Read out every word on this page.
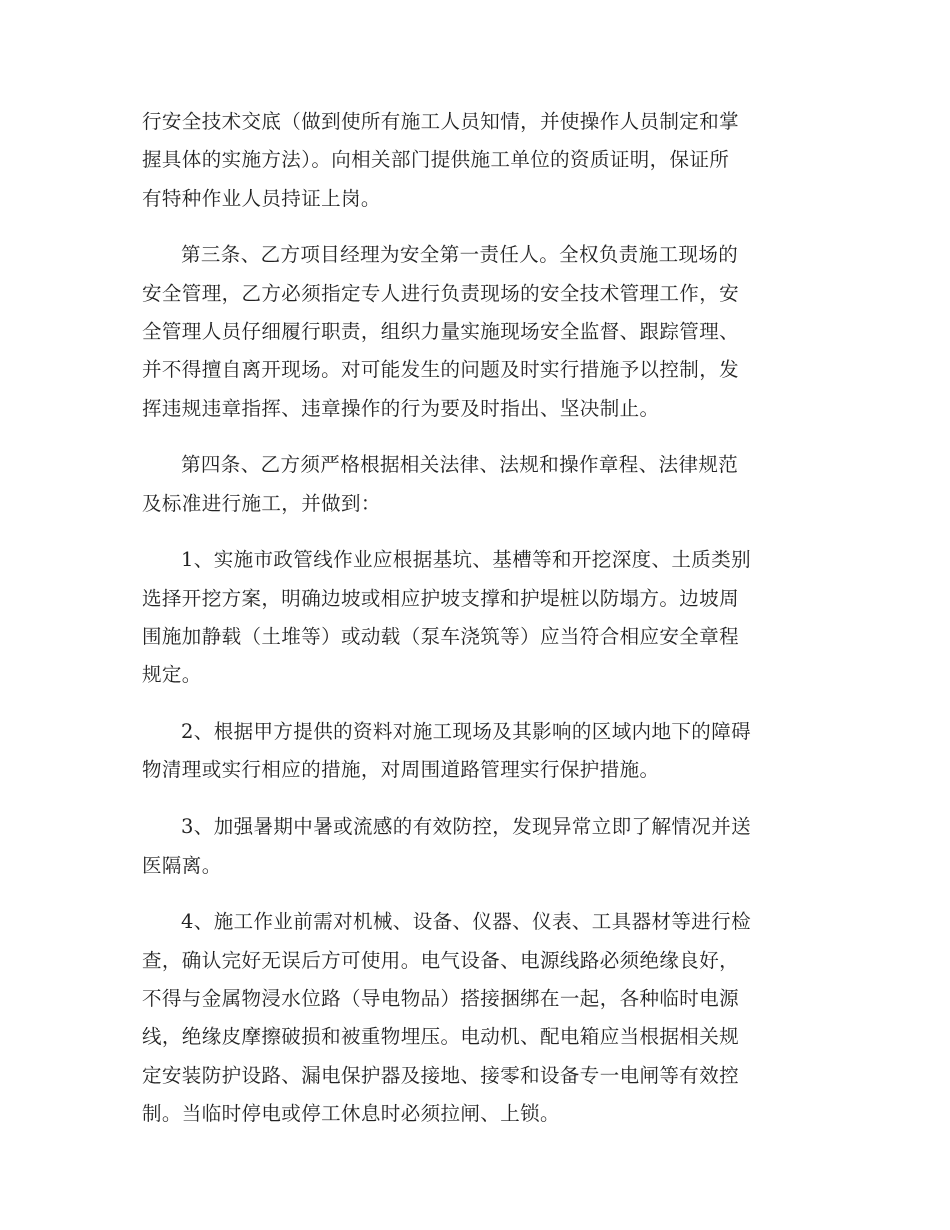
行安全技术交底（做到使所有施工人员知情，并使操作人员制定和掌
握具体的实施方法）。向相关部门提供施工单位的资质证明，保证所
有特种作业人员持证上岗。

第三条、乙方项目经理为安全第一责任人。全权负责施工现场的
安全管理，乙方必须指定专人进行负责现场的安全技术管理工作，安
全管理人员仔细履行职责，组织力量实施现场安全监督、跟踪管理、
并不得擅自离开现场。对可能发生的问题及时实行措施予以控制，发
挥违规违章指挥、违章操作的行为要及时指出、坚决制止。

第四条、乙方须严格根据相关法律、法规和操作章程、法律规范
及标准进行施工，并做到：

1、实施市政管线作业应根据基坑、基槽等和开挖深度、土质类别
选择开挖方案，明确边坡或相应护坡支撑和护堤桩以防塌方。边坡周
围施加静载（土堆等）或动载（泵车浇筑等）应当符合相应安全章程
规定。

2、根据甲方提供的资料对施工现场及其影响的区域内地下的障碍
物清理或实行相应的措施，对周围道路管理实行保护措施。

3、加强暑期中暑或流感的有效防控，发现异常立即了解情况并送
医隔离。

4、施工作业前需对机械、设备、仪器、仪表、工具器材等进行检
查，确认完好无误后方可使用。电气设备、电源线路必须绝缘良好，
不得与金属物浸水位路（导电物品）搭接捆绑在一起，各种临时电源
线，绝缘皮摩擦破损和被重物埋压。电动机、配电箱应当根据相关规
定安装防护设路、漏电保护器及接地、接零和设备专一电闸等有效控
制。当临时停电或停工休息时必须拉闸、上锁。
